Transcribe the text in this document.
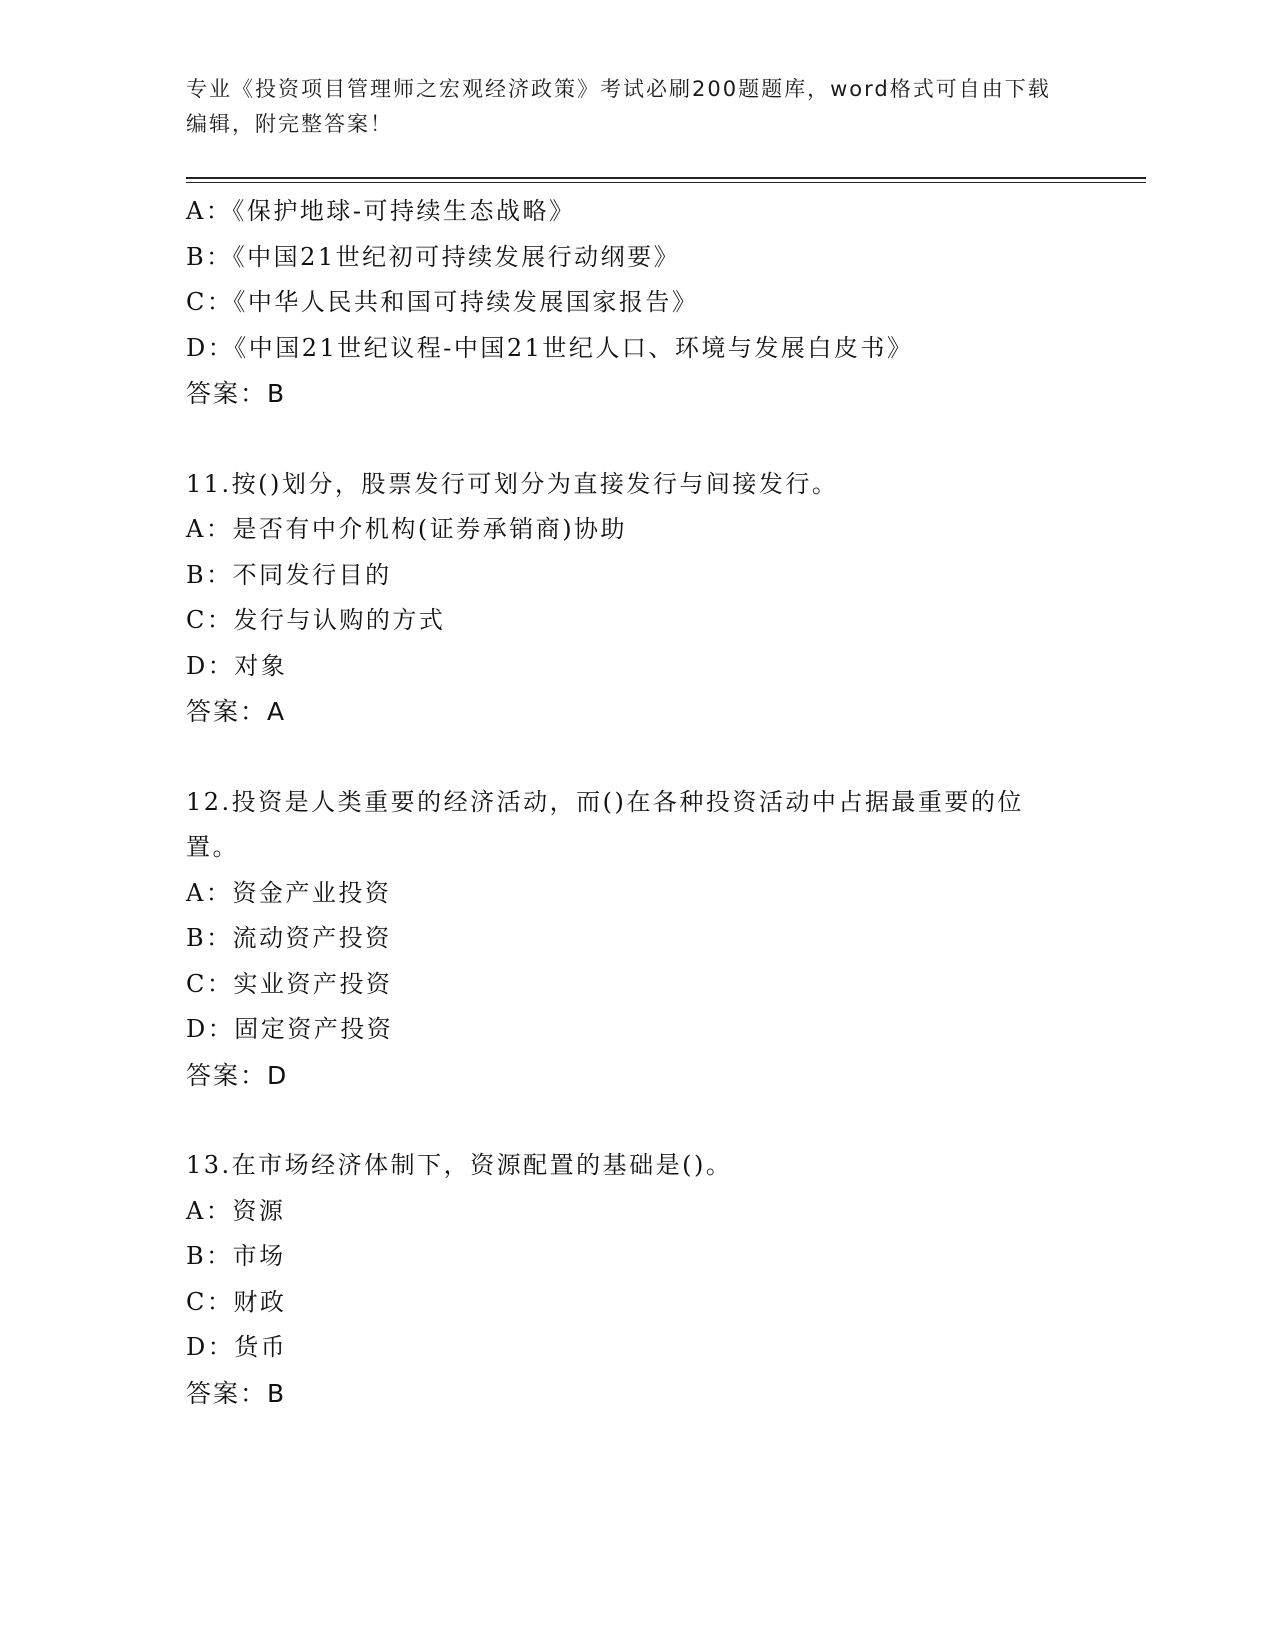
专业《投资项目管理师之宏观经济政策》考试必刷200题题库，word格式可自由下载编辑，附完整答案！
A：《保护地球-可持续生态战略》
B：《中国21世纪初可持续发展行动纲要》
C：《中华人民共和国可持续发展国家报告》
D：《中国21世纪议程-中国21世纪人口、环境与发展白皮书》
答案：B
11.按()划分，股票发行可划分为直接发行与间接发行。
A：是否有中介机构(证券承销商)协助
B：不同发行目的
C：发行与认购的方式
D：对象
答案：A
12.投资是人类重要的经济活动，而()在各种投资活动中占据最重要的位置。
A：资金产业投资
B：流动资产投资
C：实业资产投资
D：固定资产投资
答案：D
13.在市场经济体制下，资源配置的基础是()。
A：资源
B：市场
C：财政
D：货币
答案：B
